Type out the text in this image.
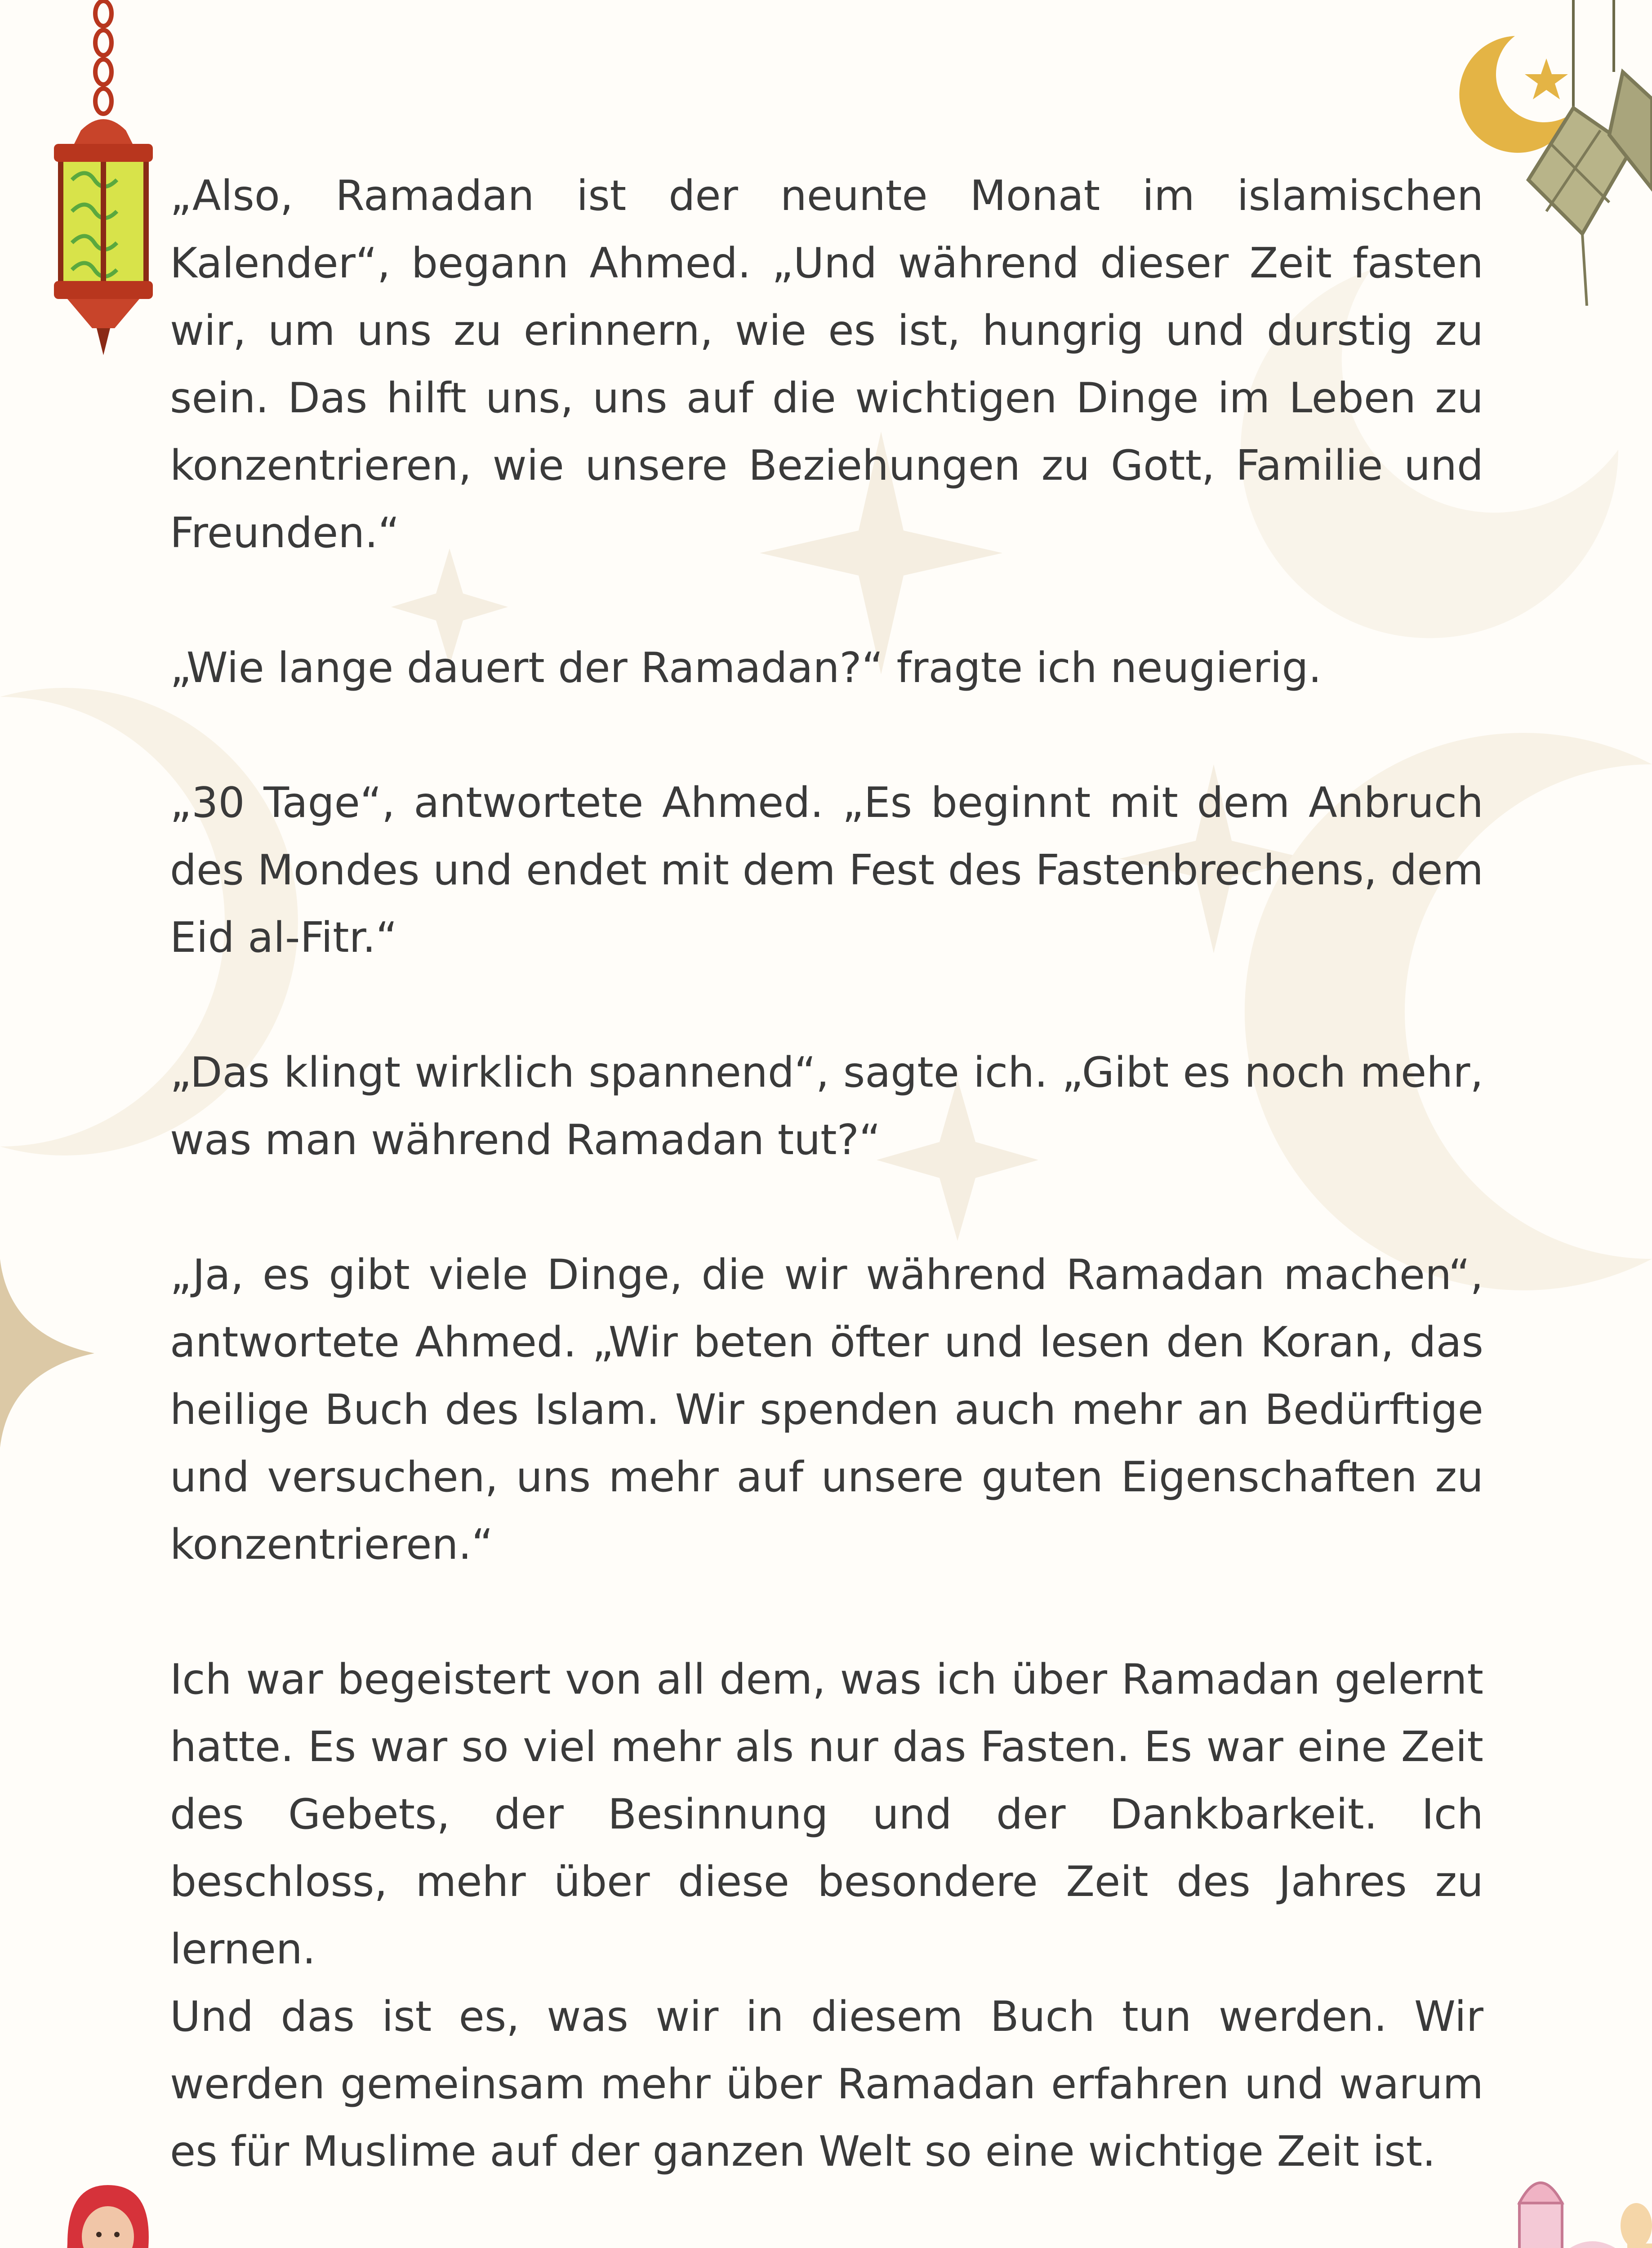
„Also, Ramadan ist der neunte Monat im islamischen Kalender“, begann Ahmed. „Und während dieser Zeit fasten wir, um uns zu erinnern, wie es ist, hungrig und durstig zu sein. Das hilft uns, uns auf die wichtigen Dinge im Leben zu konzentrieren, wie unsere Beziehungen zu Gott, Familie und Freunden.“

„Wie lange dauert der Ramadan?“ fragte ich neugierig.

„30 Tage“, antwortete Ahmed. „Es beginnt mit dem Anbruch des Mondes und endet mit dem Fest des Fastenbrechens, dem Eid al-Fitr.“

„Das klingt wirklich spannend“, sagte ich. „Gibt es noch mehr, was man während Ramadan tut?“

„Ja, es gibt viele Dinge, die wir während Ramadan machen“, antwortete Ahmed. „Wir beten öfter und lesen den Koran, das heilige Buch des Islam. Wir spenden auch mehr an Bedürftige und versuchen, uns mehr auf unsere guten Eigenschaften zu konzentrieren.“

Ich war begeistert von all dem, was ich über Ramadan gelernt hatte. Es war so viel mehr als nur das Fasten. Es war eine Zeit des Gebets, der Besinnung und der Dankbarkeit. Ich beschloss, mehr über diese besondere Zeit des Jahres zu lernen.

Und das ist es, was wir in diesem Buch tun werden. Wir werden gemeinsam mehr über Ramadan erfahren und warum es für Muslime auf der ganzen Welt so eine wichtige Zeit ist.
